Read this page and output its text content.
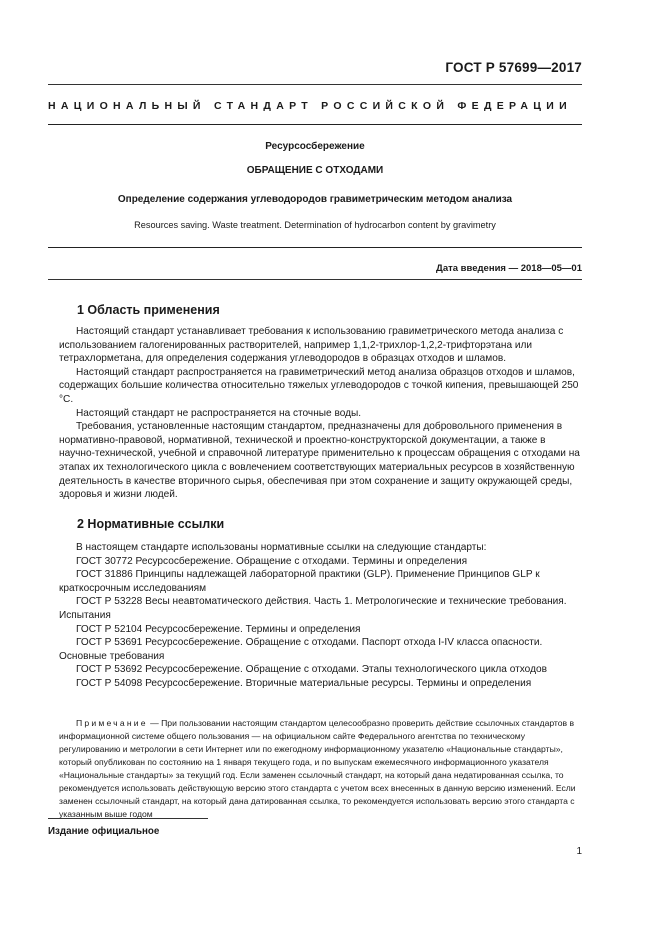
ГОСТ Р 57699—2017
НАЦИОНАЛЬНЫЙ СТАНДАРТ РОССИЙСКОЙ ФЕДЕРАЦИИ
Ресурсосбережение
ОБРАЩЕНИЕ С ОТХОДАМИ
Определение содержания углеводородов гравиметрическим методом анализа
Resources saving. Waste treatment. Determination of hydrocarbon content by gravimetry
Дата введения — 2018—05—01
1 Область применения

Настоящий стандарт устанавливает требования к использованию гравиметрического метода анализа с использованием галогенированных растворителей, например 1,1,2-трихлор-1,2,2-трифторэтана или тетрахлорметана, для определения содержания углеводородов в образцах отходов и шламов.

Настоящий стандарт распространяется на гравиметрический метод анализа образцов отходов и шламов, содержащих большие количества относительно тяжелых углеводородов с точкой кипения, превышающей 250 °С.

Настоящий стандарт не распространяется на сточные воды.

Требования, установленные настоящим стандартом, предназначены для добровольного применения в нормативно-правовой, нормативной, технической и проектно-конструкторской документации, а также в научно-технической, учебной и справочной литературе применительно к процессам обращения с отходами на этапах их технологического цикла с вовлечением соответствующих материальных ресурсов в хозяйственную деятельность в качестве вторичного сырья, обеспечивая при этом сохранение и защиту окружающей среды, здоровья и жизни людей.

2 Нормативные ссылки

В настоящем стандарте использованы нормативные ссылки на следующие стандарты:

ГОСТ 30772 Ресурсосбережение. Обращение с отходами. Термины и определения

ГОСТ 31886 Принципы надлежащей лабораторной практики (GLP). Применение Принципов GLP к краткосрочным исследованиям

ГОСТ Р 53228 Весы неавтоматического действия. Часть 1. Метрологические и технические требования. Испытания

ГОСТ Р 52104 Ресурсосбережение. Термины и определения

ГОСТ Р 53691 Ресурсосбережение. Обращение с отходами. Паспорт отхода I-IV класса опасности. Основные требования

ГОСТ Р 53692 Ресурсосбережение. Обращение с отходами. Этапы технологического цикла отходов

ГОСТ Р 54098 Ресурсосбережение. Вторичные материальные ресурсы. Термины и определения

Примечание — При пользовании настоящим стандартом целесообразно проверить действие ссылочных стандартов в информационной системе общего пользования — на официальном сайте Федерального агентства по техническому регулированию и метрологии в сети Интернет или по ежегодному информационному указателю «Национальные стандарты», который опубликован по состоянию на 1 января текущего года, и по выпускам ежемесячного информационного указателя «Национальные стандарты» за текущий год. Если заменен ссылочный стандарт, на который дана недатированная ссылка, то рекомендуется использовать действующую версию этого стандарта с учетом всех внесенных в данную версию изменений. Если заменен ссылочный стандарт, на который дана датированная ссылка, то рекомендуется использовать версию этого стандарта с указанным выше годом

Издание официальное
1
